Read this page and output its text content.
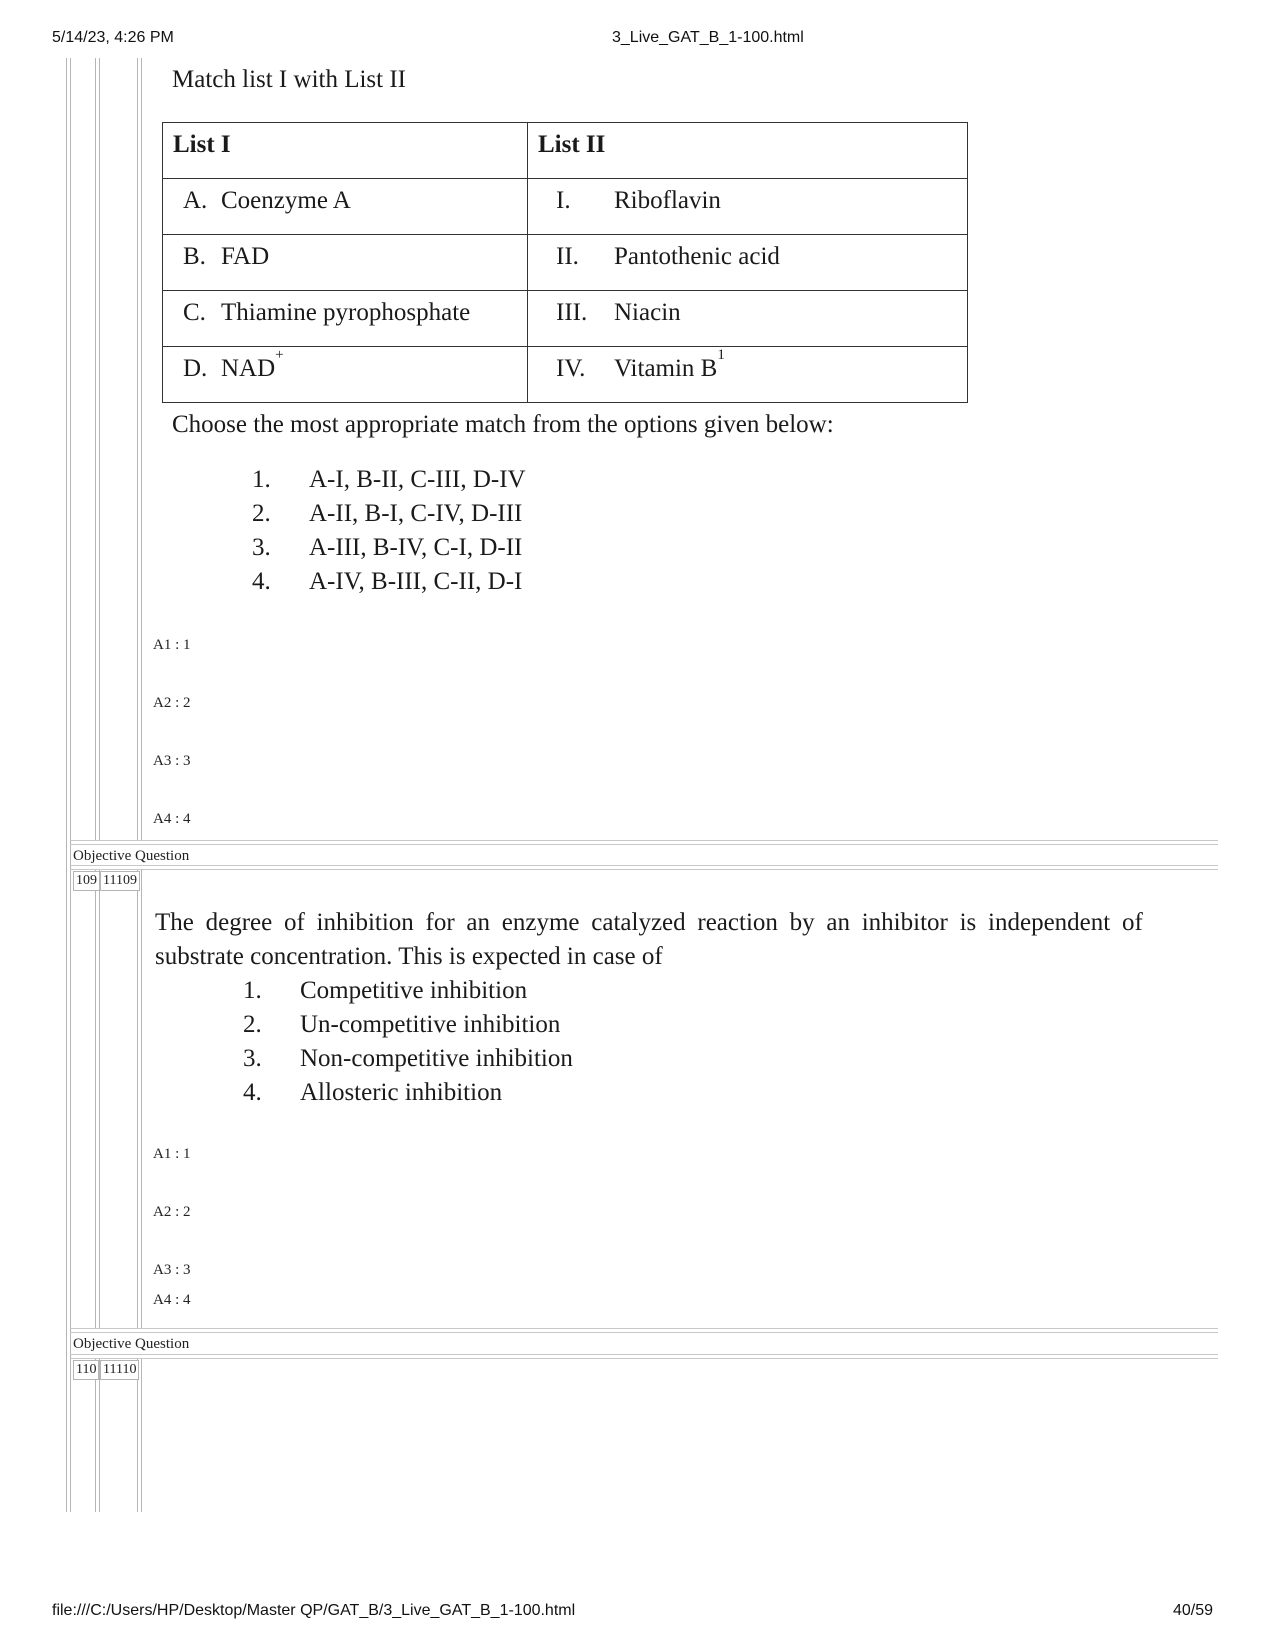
5/14/23, 4:26 PM	3_Live_GAT_B_1-100.html
Match list I with List II
List I	List II

A. Coenzyme A	I. Riboflavin

B. FAD	II. Pantothenic acid

C. Thiamine pyrophosphate	III. Niacin

D. NAD +	IV. Vitamin B 1
Choose the most appropriate match from the options given below:
1. A-I, B-II, C-III, D-IV
2. A-II, B-I, C-IV, D-III
3. A-III, B-IV, C-I, D-II
4. A-IV, B-III, C-II, D-I
A1 : 1
A2 : 2
A3 : 3
A4 : 4
Objective Question
109 11109
The degree of inhibition for an enzyme catalyzed reaction by an inhibitor is independent of
substrate concentration. This is expected in case of
1. Competitive inhibition
2. Un-competitive inhibition
3. Non-competitive inhibition
4. Allosteric inhibition
A1 : 1
A2 : 2
A3 : 3
A4 : 4
Objective Question
110 11110
file:///C:/Users/HP/Desktop/Master QP/GAT_B/3_Live_GAT_B_1-100.html	40/59
